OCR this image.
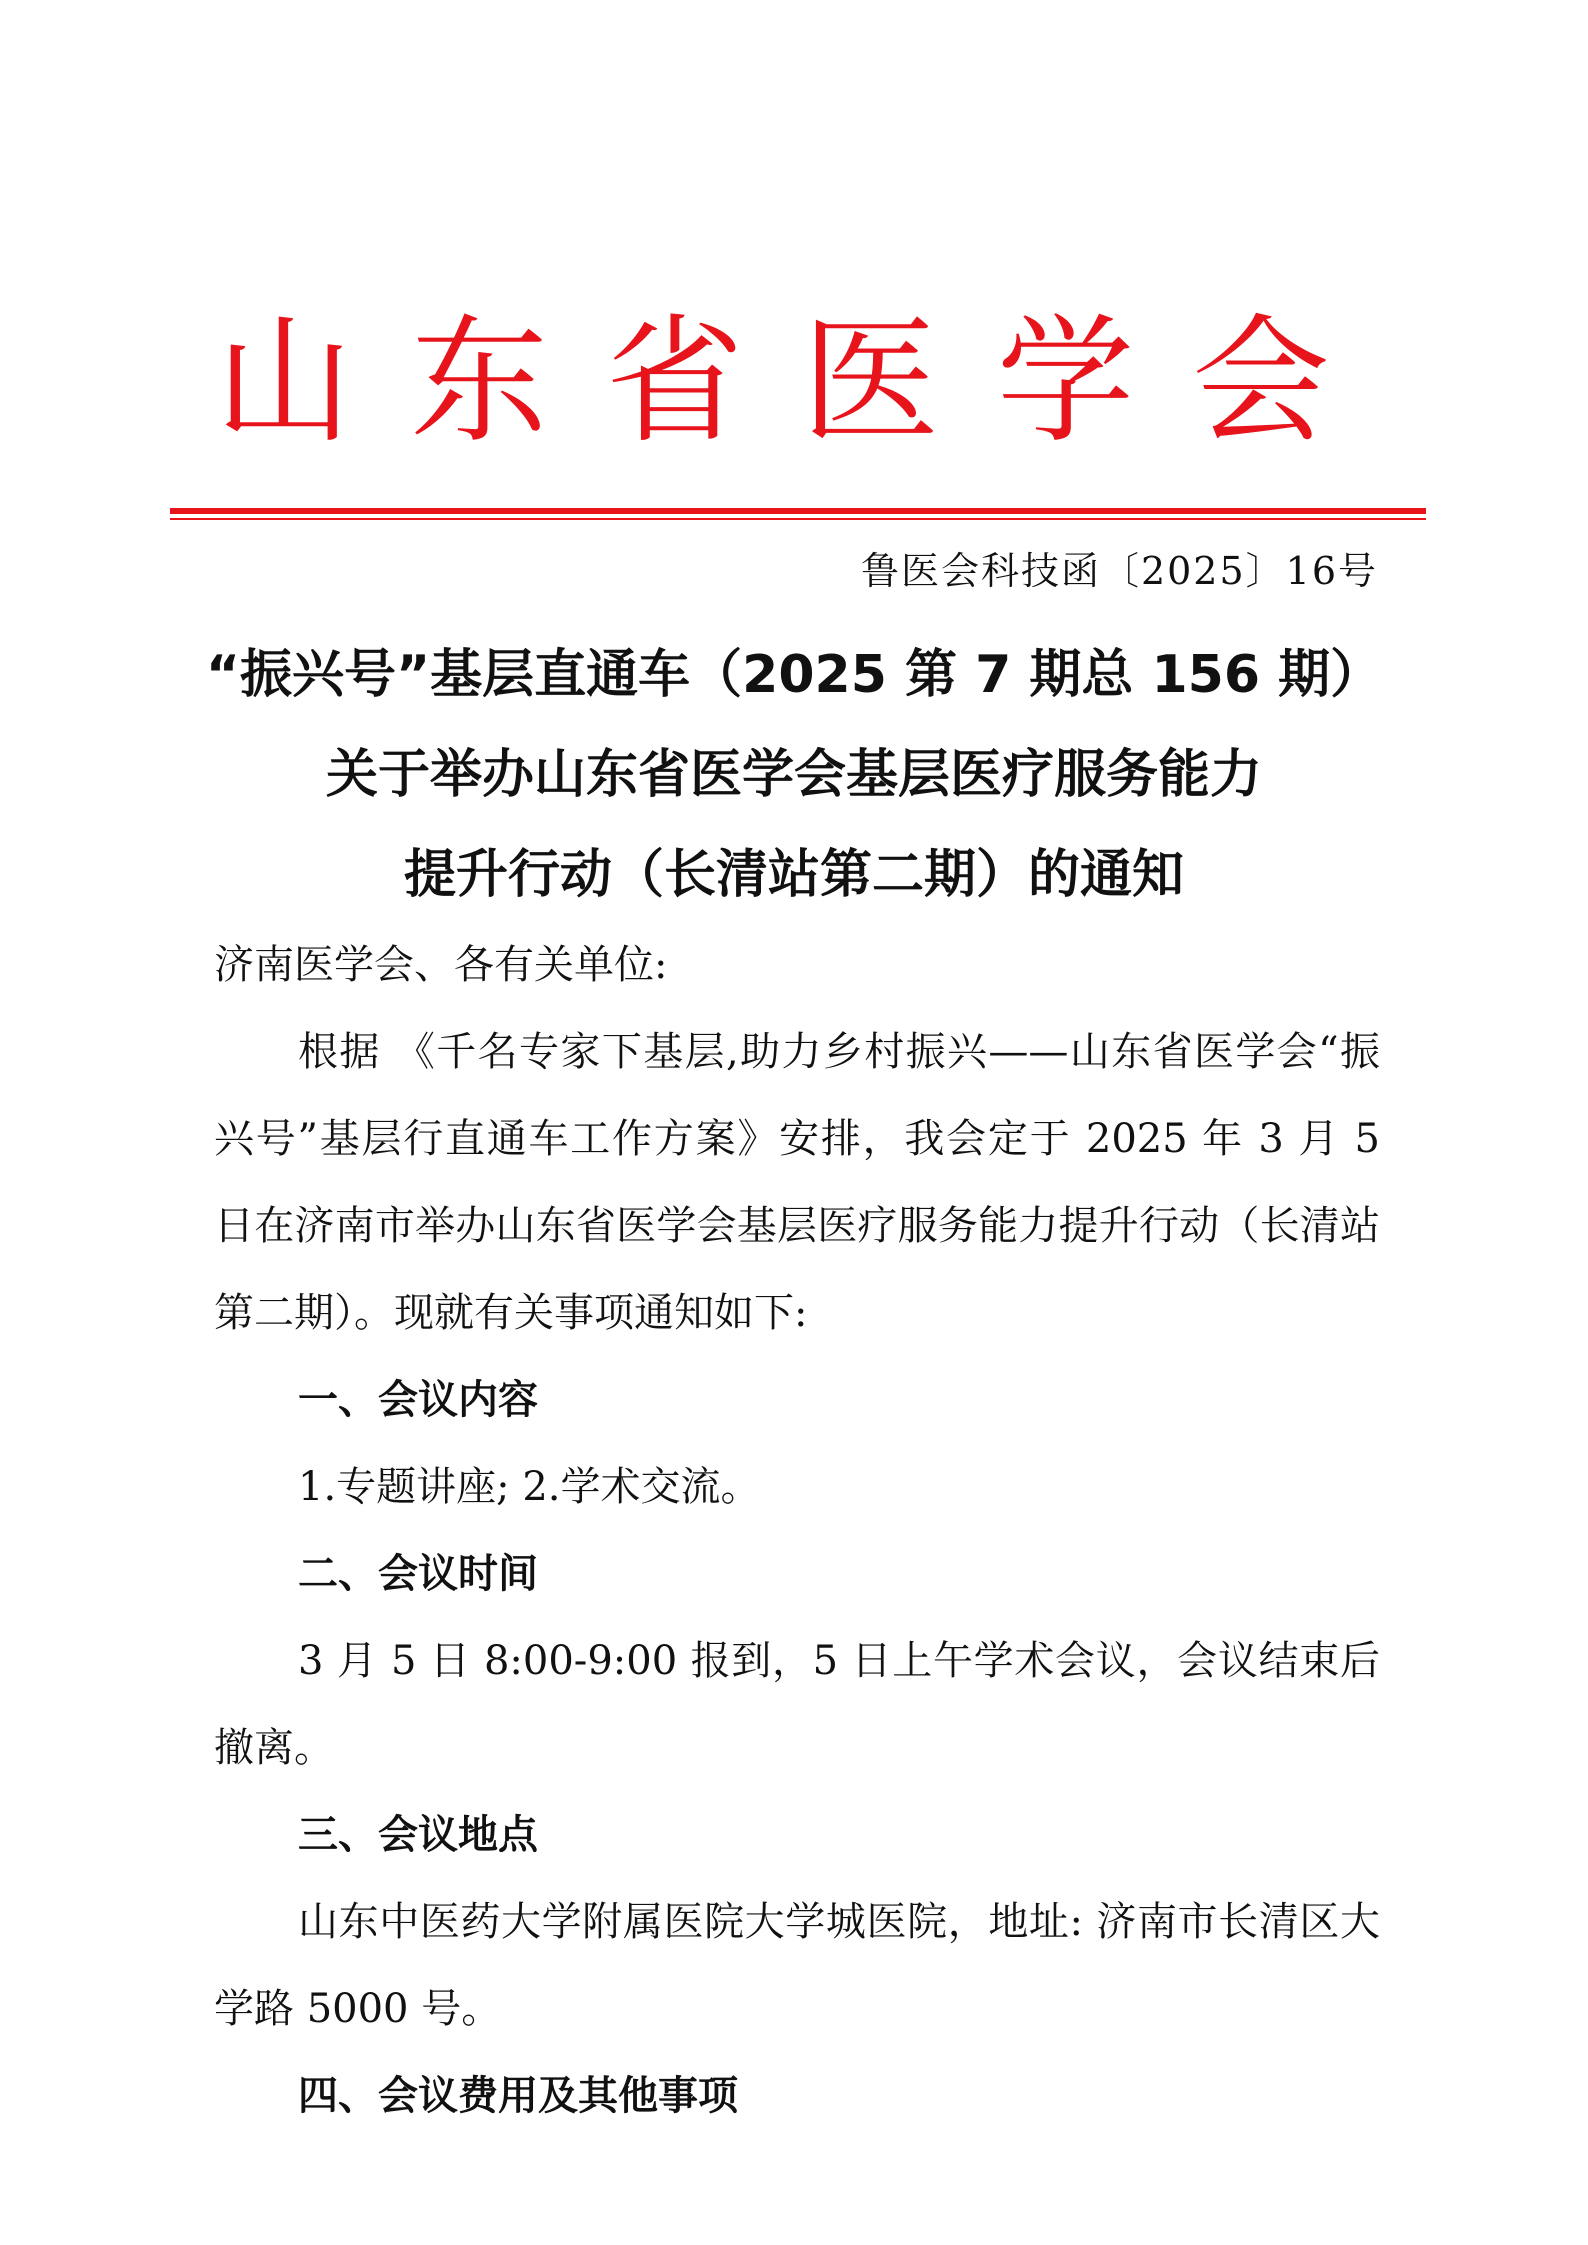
山 东 省 医 学 会
鲁医会科技函〔2025〕16号
“振兴号”基层直通车（2025 第 7 期总 156 期）
关于举办山东省医学会基层医疗服务能力
提升行动（长清站第二期）的通知

济南医学会、各有关单位:

根据 《千名专家下基层,助力乡村振兴——山东省医学会“振兴号”基层行直通车工作方案》安排，我会定于 2025 年 3 月 5 日在济南市举办山东省医学会基层医疗服务能力提升行动（长清站第二期）。现就有关事项通知如下:

一、会议内容

1.专题讲座; 2.学术交流。

二、会议时间

3 月 5 日 8:00-9:00 报到，5 日上午学术会议，会议结束后撤离。

三、会议地点

山东中医药大学附属医院大学城医院，地址: 济南市长清区大学路 5000 号。

四、会议费用及其他事项
